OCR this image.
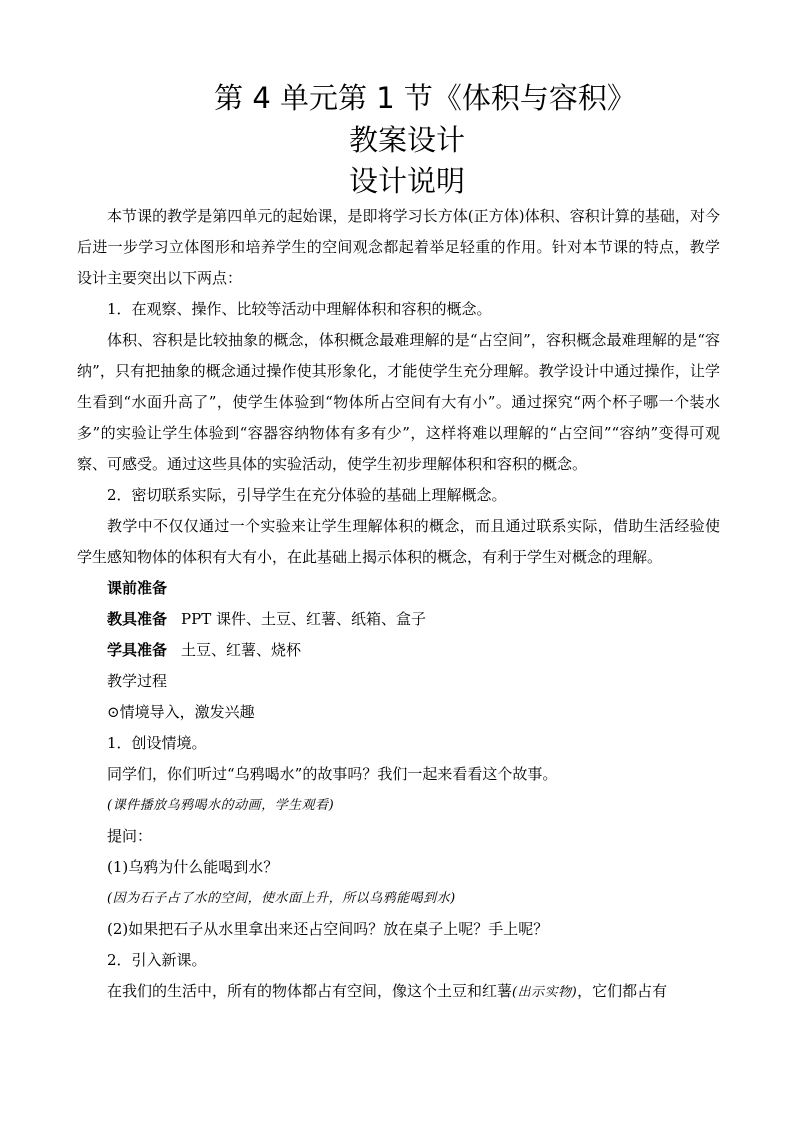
第 4 单元第 1 节《体积与容积》
教案设计
设计说明

本节课的教学是第四单元的起始课，是即将学习长方体(正方体)体积、容积计算的基础，对今后进一步学习立体图形和培养学生的空间观念都起着举足轻重的作用。针对本节课的特点，教学设计主要突出以下两点：

1．在观察、操作、比较等活动中理解体积和容积的概念。

体积、容积是比较抽象的概念，体积概念最难理解的是“占空间”，容积概念最难理解的是“容纳”，只有把抽象的概念通过操作使其形象化，才能使学生充分理解。教学设计中通过操作，让学生看到“水面升高了”，使学生体验到“物体所占空间有大有小”。通过探究“两个杯子哪一个装水多”的实验让学生体验到“容器容纳物体有多有少”，这样将难以理解的“占空间”“容纳”变得可观察、可感受。通过这些具体的实验活动，使学生初步理解体积和容积的概念。

2．密切联系实际，引导学生在充分体验的基础上理解概念。

教学中不仅仅通过一个实验来让学生理解体积的概念，而且通过联系实际，借助生活经验使学生感知物体的体积有大有小，在此基础上揭示体积的概念，有利于学生对概念的理解。

课前准备

教具准备 PPT 课件、土豆、红薯、纸箱、盒子

学具准备 土豆、红薯、烧杯

教学过程

⊙情境导入，激发兴趣

1．创设情境。

同学们，你们听过“乌鸦喝水”的故事吗？我们一起来看看这个故事。

(课件播放乌鸦喝水的动画，学生观看)

提问：

(1)乌鸦为什么能喝到水？

(因为石子占了水的空间，使水面上升，所以乌鸦能喝到水)

(2)如果把石子从水里拿出来还占空间吗？放在桌子上呢？手上呢？

2．引入新课。

在我们的生活中，所有的物体都占有空间，像这个土豆和红薯(出示实物)，它们都占有
